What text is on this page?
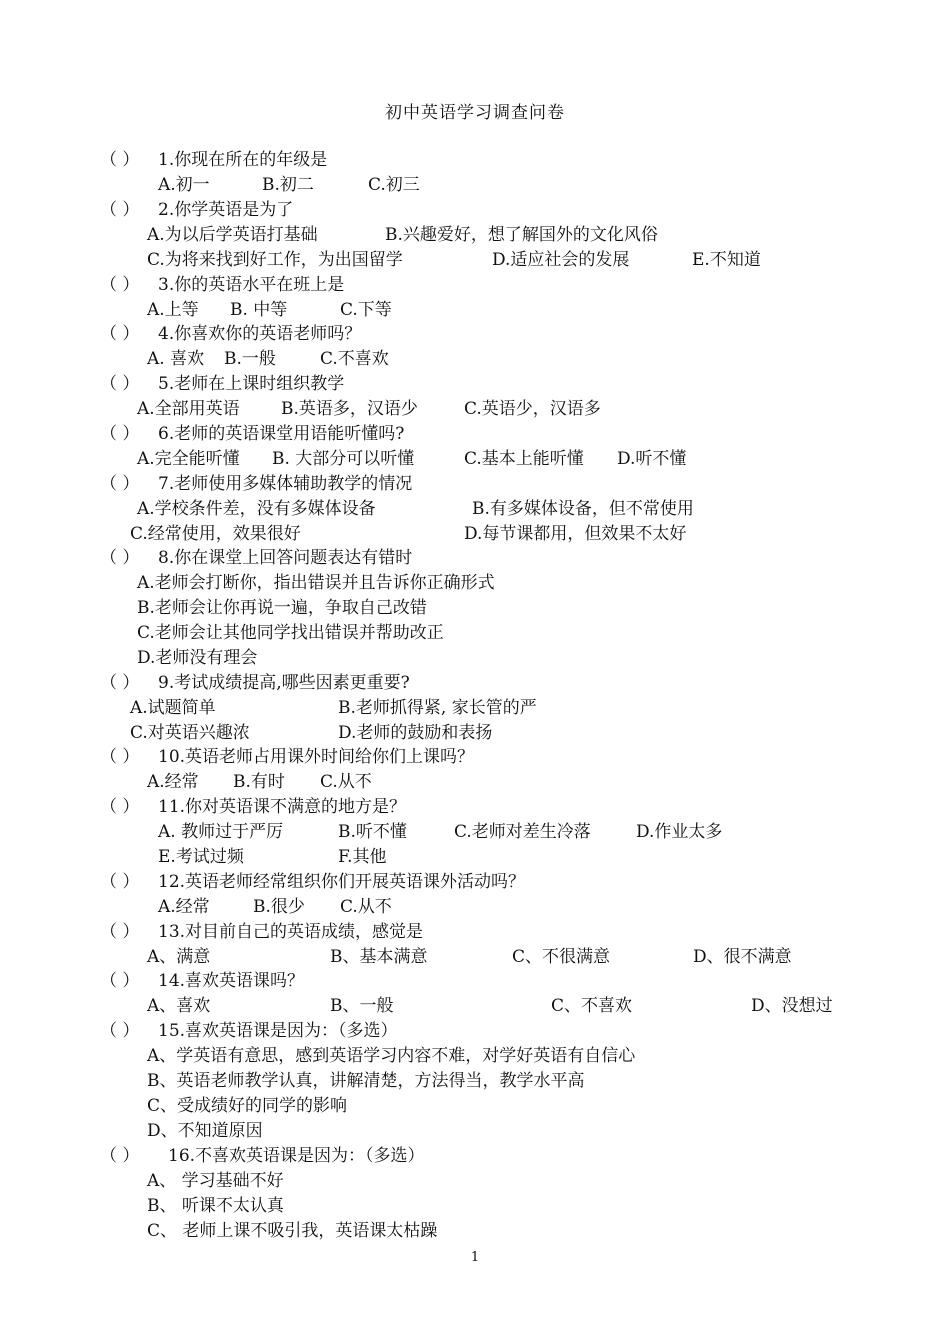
初中英语学习调查问卷
（ ） 1.你现在所在的年级是
A.初一	B.初二	C.初三
（ ） 2.你学英语是为了
A.为以后学英语打基础	B.兴趣爱好，想了解国外的文化风俗
C.为将来找到好工作，为出国留学	D.适应社会的发展	E.不知道
（ ） 3.你的英语水平在班上是
A.上等 B. 中等	C.下等
（ ） 4.你喜欢你的英语老师吗？
A. 喜欢 B.一般	C.不喜欢
（ ） 5.老师在上课时组织教学
A.全部用英语 B.英语多，汉语少	C.英语少，汉语多
（ ） 6.老师的英语课堂用语能听懂吗?
A.完全能听懂 B. 大部分可以听懂	C.基本上能听懂 D.听不懂
（ ） 7.老师使用多媒体辅助教学的情况
A.学校条件差，没有多媒体设备	B.有多媒体设备，但不常使用
C.经常使用，效果很好	D.每节课都用，但效果不太好
（ ） 8.你在课堂上回答问题表达有错时
A.老师会打断你，指出错误并且告诉你正确形式
B.老师会让你再说一遍，争取自己改错
C.老师会让其他同学找出错误并帮助改正
D.老师没有理会
（ ） 9.考试成绩提高,哪些因素更重要?
A.试题简单	B.老师抓得紧, 家长管的严
C.对英语兴趣浓	D.老师的鼓励和表扬
（ ） 10.英语老师占用课外时间给你们上课吗？
A.经常 B.有时 C.从不
（ ） 11.你对英语课不满意的地方是？
A. 教师过于严厉	B.听不懂	C.老师对差生冷落	D.作业太多
E.考试过频	F.其他
（ ） 12.英语老师经常组织你们开展英语课外活动吗？
A.经常	B.很少 C.从不
（ ） 13.对目前自己的英语成绩，感觉是
A、满意	B、基本满意	C、不很满意	D、很不满意
（ ） 14.喜欢英语课吗？
A、喜欢	B、一般	C、不喜欢	D、没想过
（ ） 15.喜欢英语课是因为：（多选）
A、学英语有意思，感到英语学习内容不难，对学好英语有自信心
B、英语老师教学认真，讲解清楚，方法得当，教学水平高
C、受成绩好的同学的影响
D、不知道原因
（ ） 16.不喜欢英语课是因为：（多选）
A、 学习基础不好
B、 听课不太认真
C、 老师上课不吸引我，英语课太枯躁
1
